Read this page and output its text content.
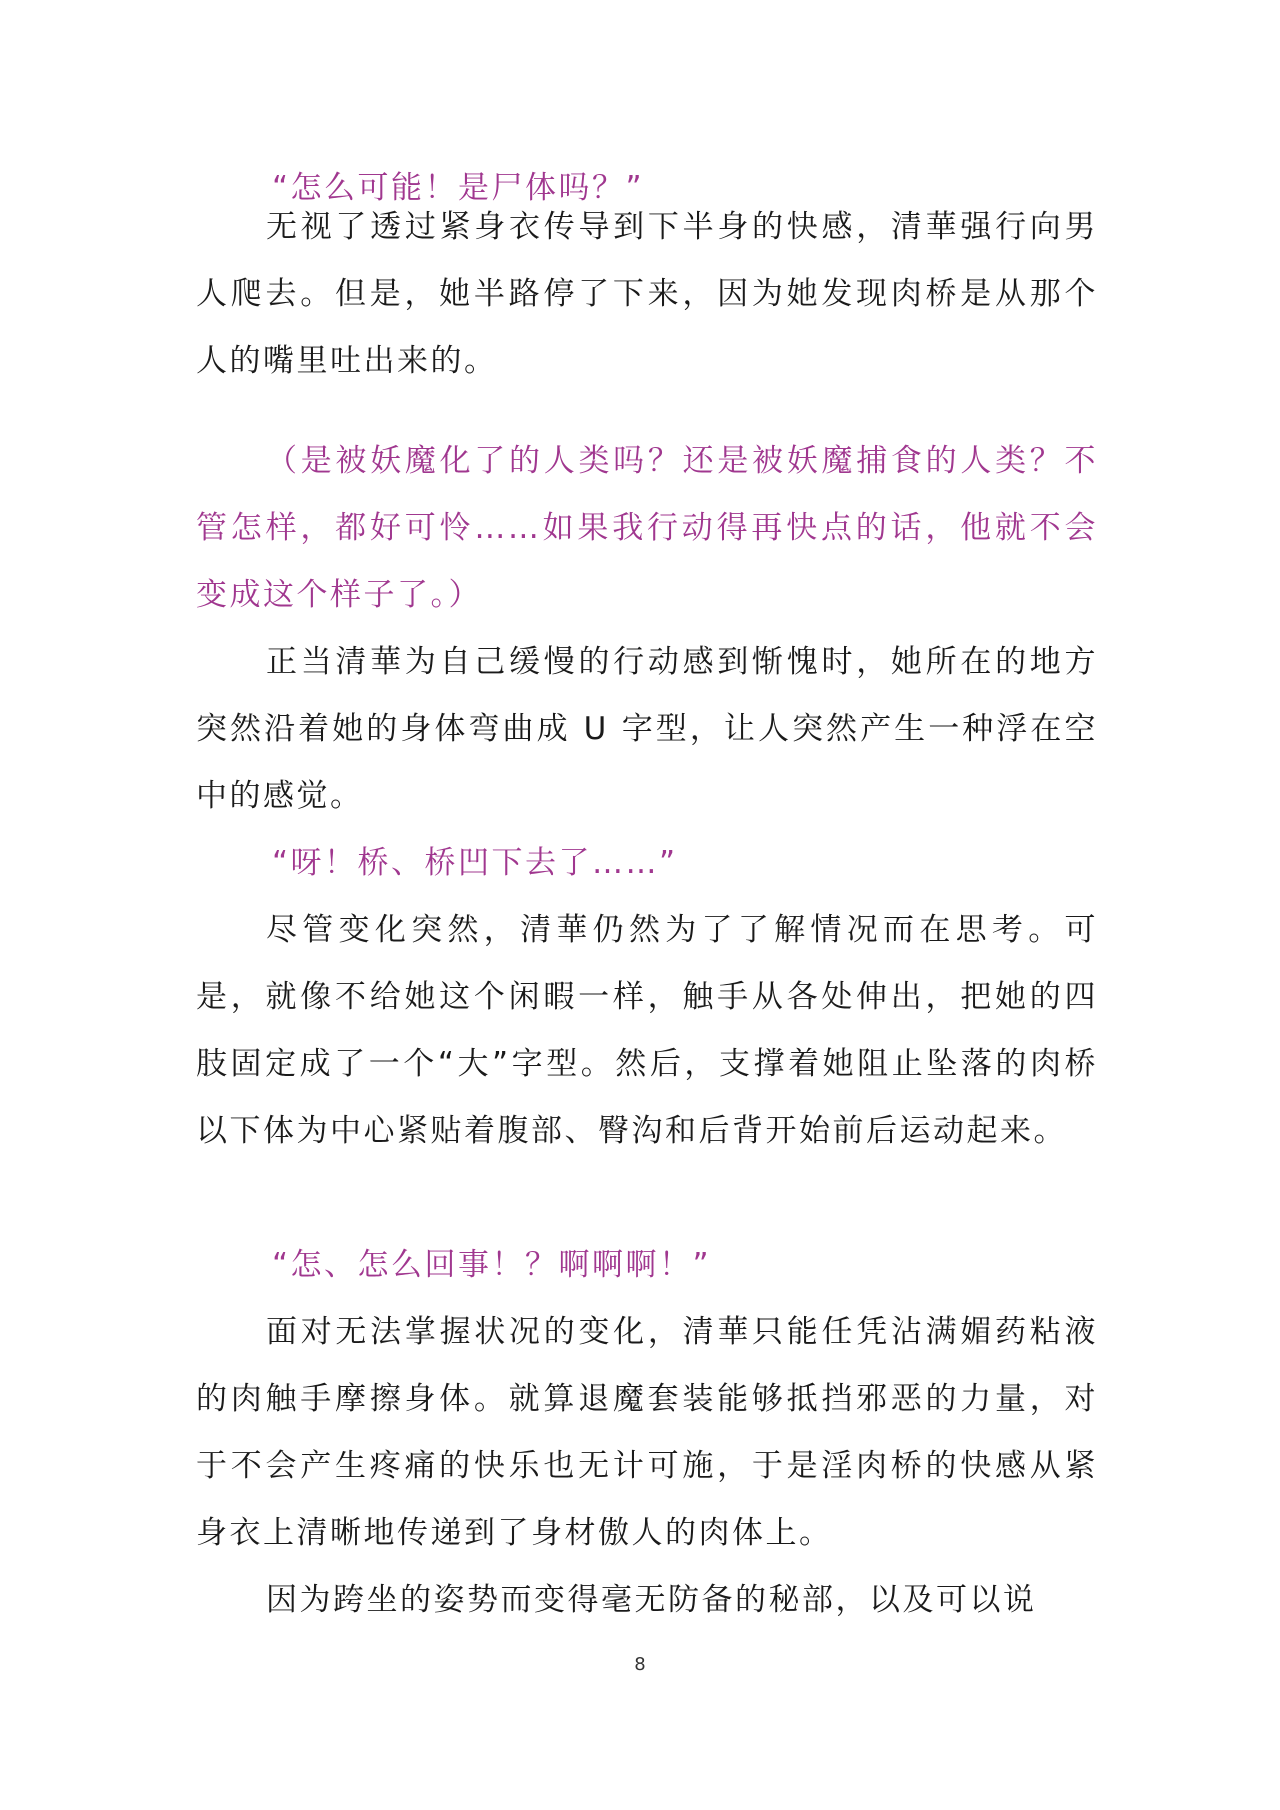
“怎么可能！是尸体吗？”

无视了透过紧身衣传导到下半身的快感，清華强行向男人爬去。但是，她半路停了下来，因为她发现肉桥是从那个人的嘴里吐出来的。

（是被妖魔化了的人类吗？还是被妖魔捕食的人类？不管怎样，都好可怜……如果我行动得再快点的话，他就不会变成这个样子了。）

正当清華为自己缓慢的行动感到惭愧时，她所在的地方突然沿着她的身体弯曲成 U 字型，让人突然产生一种浮在空中的感觉。

“呀！桥、桥凹下去了……”

尽管变化突然，清華仍然为了了解情况而在思考。可是，就像不给她这个闲暇一样，触手从各处伸出，把她的四肢固定成了一个“大”字型。然后，支撑着她阻止坠落的肉桥以下体为中心紧贴着腹部、臀沟和后背开始前后运动起来。

“怎、怎么回事！？啊啊啊！”

面对无法掌握状况的变化，清華只能任凭沾满媚药粘液的肉触手摩擦身体。就算退魔套装能够抵挡邪恶的力量，对于不会产生疼痛的快乐也无计可施，于是淫肉桥的快感从紧身衣上清晰地传递到了身材傲人的肉体上。

因为跨坐的姿势而变得毫无防备的秘部，以及可以说

8
